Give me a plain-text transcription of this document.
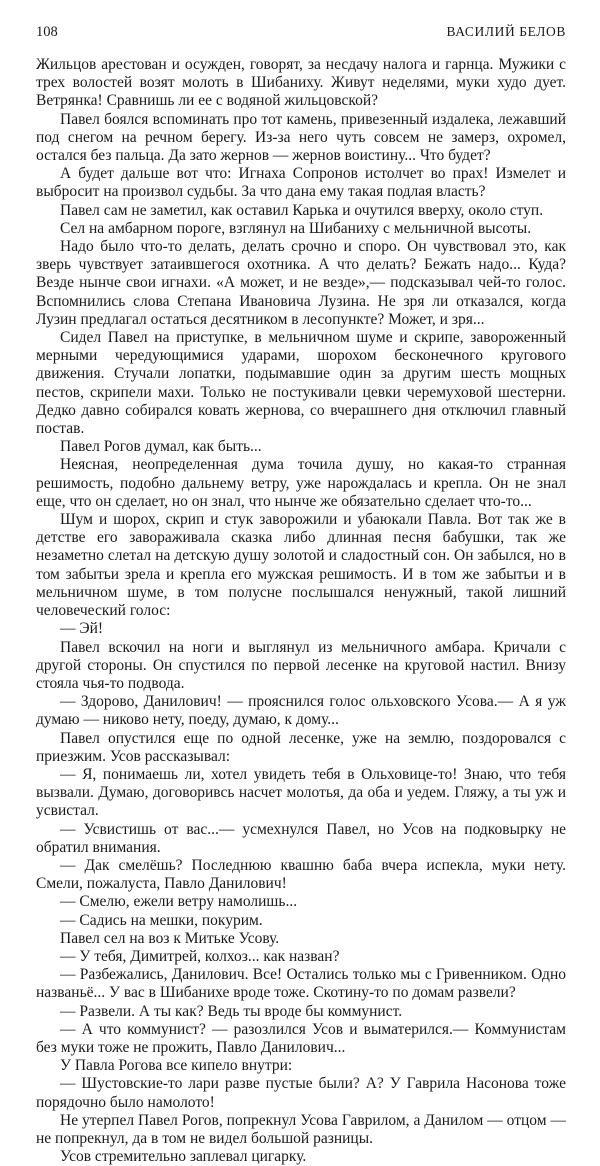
108	ВАСИЛИЙ БЕЛОВ

Жильцов арестован и осужден, говорят, за несдачу налога и гарнца. Мужики с трех волостей возят молоть в Шибаниху. Живут неделями, муки худо дует. Ветрянка! Сравнишь ли ее с водяной жильцовской?

Павел боялся вспоминать про тот камень, привезенный издалека, лежавший под снегом на речном берегу. Из-за него чуть совсем не замерз, охромел, остался без пальца. Да зато жернов — жернов воистину... Что будет?

А будет дальше вот что: Игнаха Сопронов истолчет во прах! Измелет и выбросит на произвол судьбы. За что дана ему такая подлая власть?

Павел сам не заметил, как оставил Карька и очутился вверху, около ступ.

Сел на амбарном пороге, взглянул на Шибаниху с мельничной высоты.

Надо было что-то делать, делать срочно и споро. Он чувствовал это, как зверь чувствует затаившегося охотника. А что делать? Бежать надо... Куда? Везде нынче свои игнахи. «А может, и не везде»,— подсказывал чей-то голос. Вспомнились слова Степана Ивановича Лузина. Не зря ли отказался, когда Лузин предлагал остаться десятником в лесопункте? Может, и зря...

Сидел Павел на приступке, в мельничном шуме и скрипе, завороженный мерными чередующимися ударами, шорохом бесконечного кругового движения. Стучали лопатки, подымавшие один за другим шесть мощных пестов, скрипели махи. Только не постукивали цевки черемуховой шестерни. Дедко давно собирался ковать жернова, со вчерашнего дня отключил главный постав.

Павел Рогов думал, как быть...

Неясная, неопределенная дума точила душу, но какая-то странная решимость, подобно дальнему ветру, уже нарождалась и крепла. Он не знал еще, что он сделает, но он знал, что нынче же обязательно сделает что-то...

Шум и шорох, скрип и стук заворожили и убаюкали Павла. Вот так же в детстве его завораживала сказка либо длинная песня бабушки, так же незаметно слетал на детскую душу золотой и сладостный сон. Он забылся, но в том забытьи зрела и крепла его мужская решимость. И в том же забытьи и в мельничном шуме, в том полусне послышался ненужный, такой лишний человеческий голос:

— Эй!

Павел вскочил на ноги и выглянул из мельничного амбара. Кричали с другой стороны. Он спустился по первой лесенке на круговой настил. Внизу стояла чья-то подвода.

— Здорово, Данилович! — прояснился голос ольховского Усова.— А я уж думаю — никово нету, поеду, думаю, к дому...

Павел опустился еще по одной лесенке, уже на землю, поздоровался с приезжим. Усов рассказывал:

— Я, понимаешь ли, хотел увидеть тебя в Ольховице-то! Знаю, что тебя вызвали. Думаю, договоривсь насчет молотья, да оба и уедем. Гляжу, а ты уж и усвистал.

— Усвистишь от вас...— усмехнулся Павел, но Усов на подковырку не обратил внимания.

— Дак смелёшь? Последнюю квашню баба вчера испекла, муки нету. Смели, пожалуста, Павло Данилович!

— Смелю, ежели ветру намолишь...

— Садись на мешки, покурим.

Павел сел на воз к Митьке Усову.

— У тебя, Димитрей, колхоз... как назван?

— Разбежались, Данилович. Все! Остались только мы с Гривенником. Одно названьё... У вас в Шибанихе вроде тоже. Скотину-то по домам развели?

— Развели. А ты как? Ведь ты вроде бы коммунист.

— А что коммунист? — разозлился Усов и выматерился.— Коммунистам без муки тоже не прожить, Павло Данилович...

У Павла Рогова все кипело внутри:

— Шустовские-то лари разве пустые были? А? У Гаврила Насонова тоже порядочно было намолото!

Не утерпел Павел Рогов, попрекнул Усова Гаврилом, а Данилом — отцом — не попрекнул, да в том не видел большой разницы.

Усов стремительно заплевал цигарку.
